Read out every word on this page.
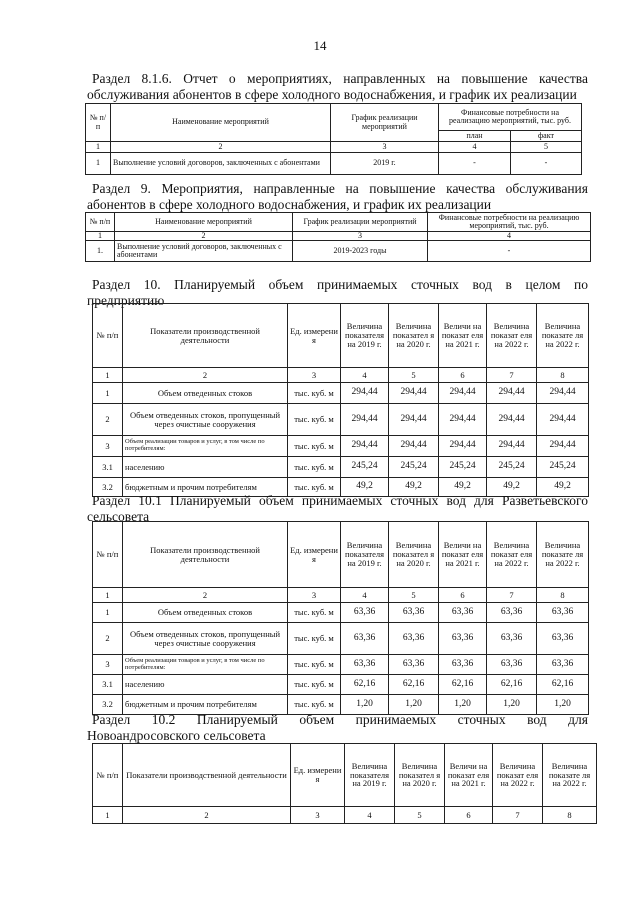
14
Раздел 8.1.6. Отчет о мероприятиях, направленных на повышение качества
обслуживания абонентов в сфере холодного водоснабжения, и график их реализации
№ п/п	Наименование мероприятий	График реализации мероприятий	Финансовые потребности на реализацию мероприятий, тыс. руб.	
			план	факт
1	2	3	4	5
1	Выполнение условий договоров, заключенных с абонентами	2019 г.	-	-
Раздел 9. Мероприятия, направленные на повышение качества обслуживания
абонентов в сфере холодного водоснабжения, и график их реализации
№ п/п	Наименование мероприятий	График реализации мероприятий	Финансовые потребности на реализацию мероприятий, тыс. руб.
1	2	3	4
1.	Выполнение условий договоров, заключенных с абонентами	2019-2023 годы	-
Раздел 10. Планируемый объем принимаемых сточных вод в целом по
предприятию
№ п/п	Показатели производственной деятельности	Ед. измерени я	Величина показателя на 2019 г.	Величина показател я на 2020 г.	Величи на показат еля на 2021 г.	Величина показат еля на 2022 г.	Величина показате ля на 2022 г.
1	2	3	4	5	6	7	8
1	Объем отведенных стоков	тыс. куб. м	294,44	294,44	294,44	294,44	294,44
2	Объем отведенных стоков, пропущенный через очистные сооружения	тыс. куб. м	294,44	294,44	294,44	294,44	294,44
3	Объем реализации товаров и услуг, в том числе по потребителям:	тыс. куб. м	294,44	294,44	294,44	294,44	294,44
3.1	населению	тыс. куб. м	245,24	245,24	245,24	245,24	245,24
3.2	бюджетным и прочим потребителям	тыс. куб. м	49,2	49,2	49,2	49,2	49,2
Раздел 10.1 Планируемый объем принимаемых сточных вод для Разветьевского
сельсовета
№ п/п	Показатели производственной деятельности	Ед. измерени я	Величина показателя на 2019 г.	Величина показател я на 2020 г.	Величи на показат еля на 2021 г.	Величина показат еля на 2022 г.	Величина показате ля на 2022 г.
1	2	3	4	5	6	7	8
1	Объем отведенных стоков	тыс. куб. м	63,36	63,36	63,36	63,36	63,36
2	Объем отведенных стоков, пропущенный через очистные сооружения	тыс. куб. м	63,36	63,36	63,36	63,36	63,36
3	Объем реализации товаров и услуг, в том числе по потребителям:	тыс. куб. м	63,36	63,36	63,36	63,36	63,36
3.1	населению	тыс. куб. м	62,16	62,16	62,16	62,16	62,16
3.2	бюджетным и прочим потребителям	тыс. куб. м	1,20	1,20	1,20	1,20	1,20
Раздел 10.2 Планируемый объем принимаемых сточных вод для
Новоандросовского сельсовета
№ п/п	Показатели производственной деятельности	Ед. измерени я	Величина показателя на 2019 г.	Величина показател я на 2020 г.	Величи на показат еля на 2021 г.	Величина показат еля на 2022 г.	Величина показате ля на 2022 г.
1	2	3	4	5	6	7	8
